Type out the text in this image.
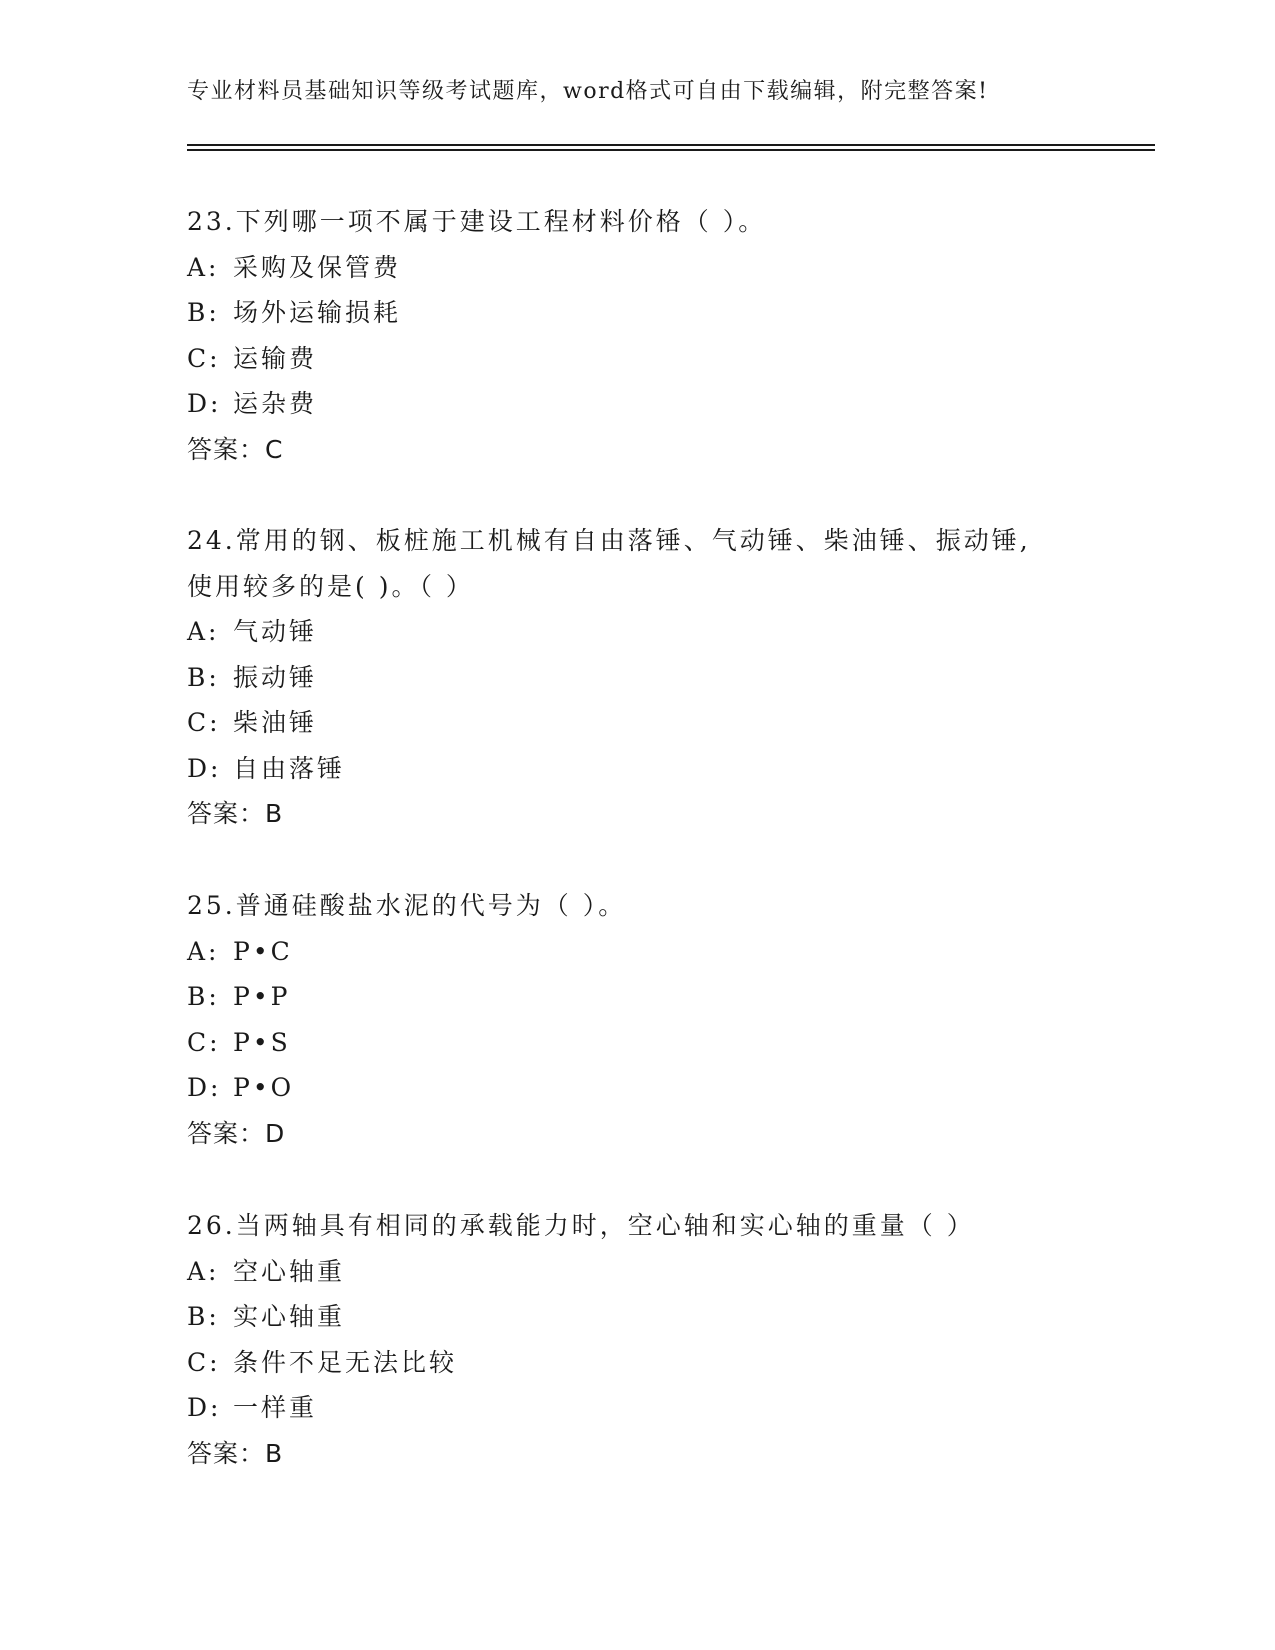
专业材料员基础知识等级考试题库，word格式可自由下载编辑，附完整答案!
23.下列哪一项不属于建设工程材料价格（ ）。
A: 采购及保管费
B: 场外运输损耗
C: 运输费
D: 运杂费
答案：C
24.常用的钢、板桩施工机械有自由落锤、气动锤、柴油锤、振动锤,
使用较多的是( )。（ ）
A: 气动锤
B: 振动锤
C: 柴油锤
D: 自由落锤
答案：B
25.普通硅酸盐水泥的代号为（ ）。
A: P•C
B: P•P
C: P•S
D: P•O
答案：D
26.当两轴具有相同的承载能力时，空心轴和实心轴的重量（ ）
A: 空心轴重
B: 实心轴重
C: 条件不足无法比较
D: 一样重
答案：B
